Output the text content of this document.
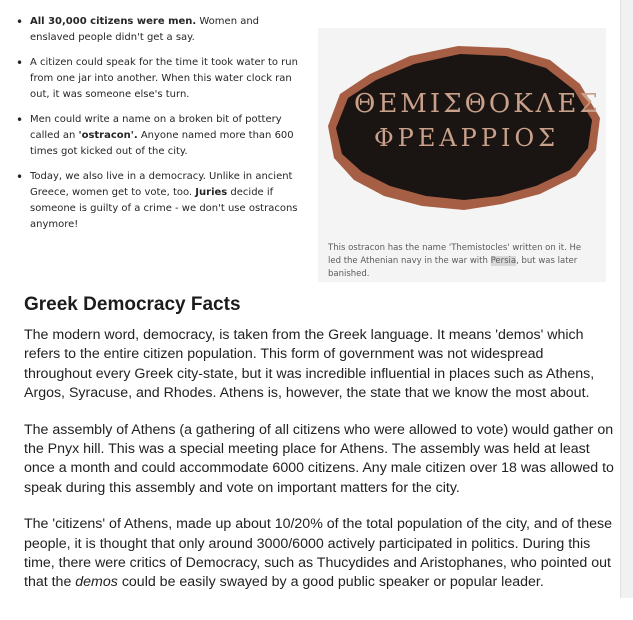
• All 30,000 citizens were men. Women and enslaved people didn't get a say.
• A citizen could speak for the time it took water to run from one jar into another. When this water clock ran out, it was someone else's turn.
• Men could write a name on a broken bit of pottery called an 'ostracon'. Anyone named more than 600 times got kicked out of the city.
• Today, we also live in a democracy. Unlike in ancient Greece, women get to vote, too. Juries decide if someone is guilty of a crime - we don't use ostracons anymore!
ΘΕΜΙΣΘΟΚΛΕΣ
ΦΡΕΑΡΡΙΟΣ
This ostracon has the name 'Themistocles' written on it. He led the Athenian navy in the war with Persia, but was later banished.
Greek Democracy Facts

The modern word, democracy, is taken from the Greek language. It means 'demos' which refers to the entire citizen population. This form of government was not widespread throughout every Greek city-state, but it was incredible influential in places such as Athens, Argos, Syracuse, and Rhodes. Athens is, however, the state that we know the most about.

The assembly of Athens (a gathering of all citizens who were allowed to vote) would gather on the Pnyx hill. This was a special meeting place for Athens. The assembly was held at least once a month and could accommodate 6000 citizens. Any male citizen over 18 was allowed to speak during this assembly and vote on important matters for the city.

The 'citizens' of Athens, made up about 10/20% of the total population of the city, and of these people, it is thought that only around 3000/6000 actively participated in politics. During this time, there were critics of Democracy, such as Thucydides and Aristophanes, who pointed out that the demos could be easily swayed by a good public speaker or popular leader.
